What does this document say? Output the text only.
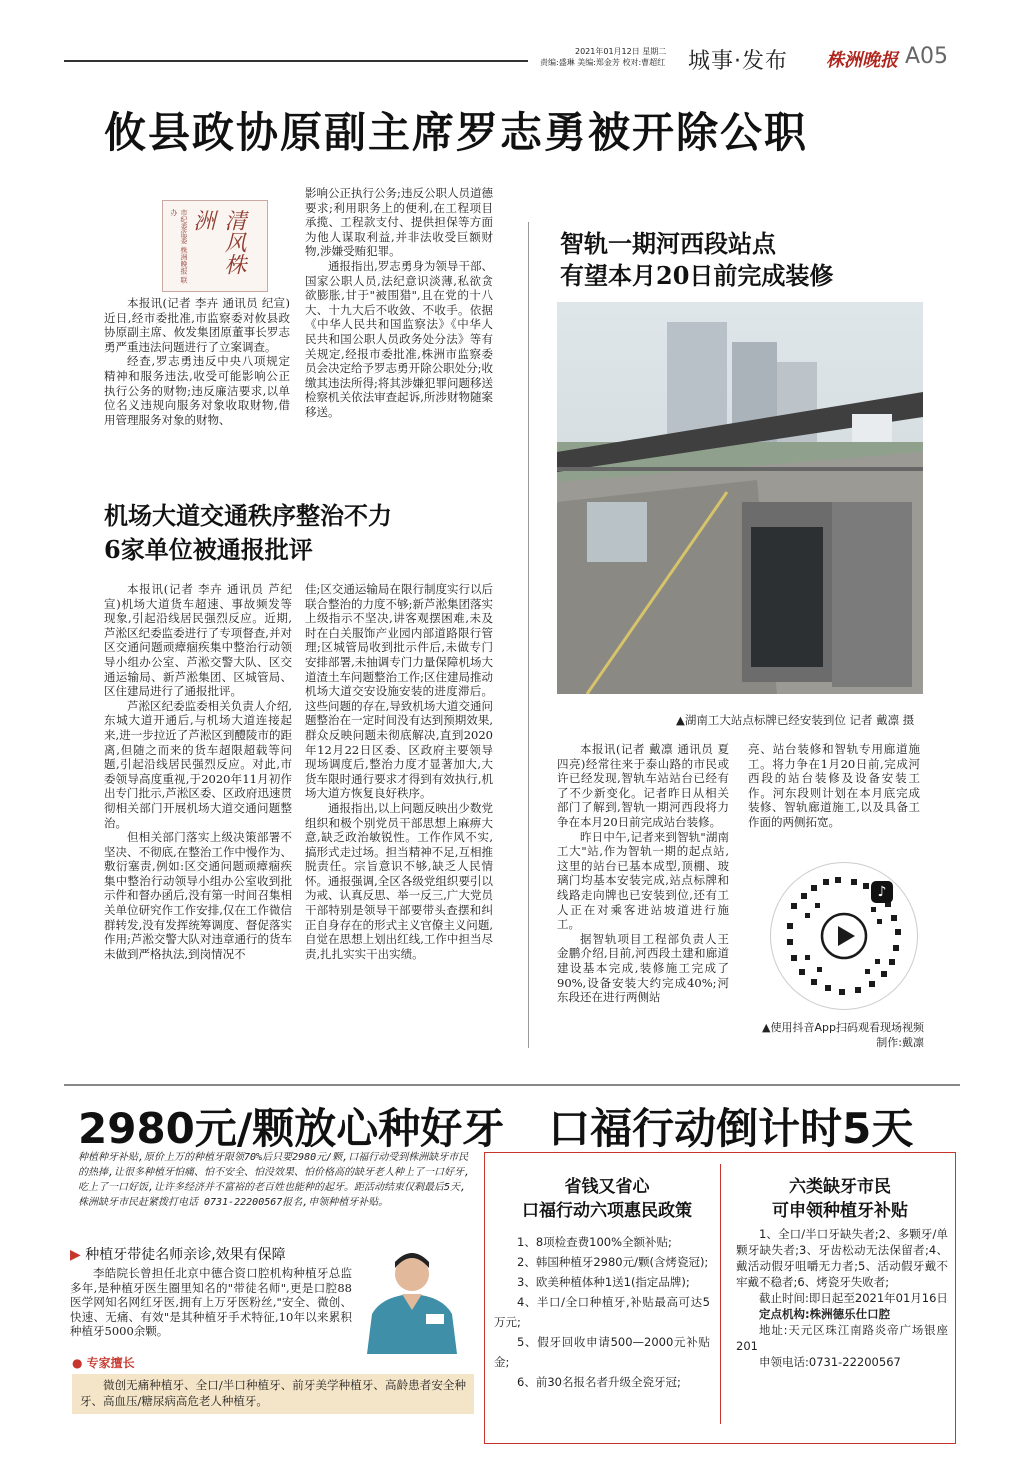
2021年01月12日 星期二
责编:盛琳 美编:郑金芳 校对:曹超红	城事·发布 株洲晚报 A05
攸县政协原副主席罗志勇被开除公职
清风株洲
市纪委监委 株洲晚报 联办
本报讯(记者 李卉 通讯员 纪宣)近日,经市委批准,市监察委对攸县政协原副主席、攸发集团原董事长罗志勇严重违法问题进行了立案调查。
经查,罗志勇违反中央八项规定精神和服务违法,收受可能影响公正执行公务的财物;违反廉洁要求,以单位名义违规向服务对象收取财物,借用管理服务对象的财物、
影响公正执行公务;违反公职人员道德要求;利用职务上的便利,在工程项目承揽、工程款支付、提供担保等方面为他人谋取利益,并非法收受巨额财物,涉嫌受贿犯罪。
通报指出,罗志勇身为领导干部、国家公职人员,法纪意识淡薄,私欲贪欲膨胀,甘于"被围猎",且在党的十八大、十九大后不收敛、不收手。依据《中华人民共和国监察法》《中华人民共和国公职人员政务处分法》等有关规定,经报市委批准,株洲市监察委员会决定给予罗志勇开除公职处分;收缴其违法所得;将其涉嫌犯罪问题移送检察机关依法审查起诉,所涉财物随案移送。
机场大道交通秩序整治不力
6家单位被通报批评
本报讯(记者 李卉 通讯员 芦纪宣)机场大道货车超速、事故频发等现象,引起沿线居民强烈反应。近期,芦淞区纪委监委进行了专项督查,并对区交通问题顽瘴痼疾集中整治行动领导小组办公室、芦淞交警大队、区交通运输局、新芦淞集团、区城管局、区住建局进行了通报批评。
芦淞区纪委监委相关负责人介绍,东城大道开通后,与机场大道连接起来,进一步拉近了芦淞区到醴陵市的距离,但随之而来的货车超限超载等问题,引起沿线居民强烈反应。对此,市委领导高度重视,于2020年11月初作出专门批示,芦淞区委、区政府迅速贯彻相关部门开展机场大道交通问题整治。
但相关部门落实上级决策部署不坚决、不彻底,在整治工作中慢作为、敷衍塞责,例如:区交通问题顽瘴痼疾集中整治行动领导小组办公室收到批示件和督办函后,没有第一时间召集相关单位研究作工作安排,仅在工作微信群转发,没有发挥统筹调度、督促落实作用;芦淞交警大队对违章通行的货车未做到严格执法,到岗情况不
佳;区交通运输局在限行制度实行以后联合整治的力度不够;新芦淞集团落实上级指示不坚决,讲客观摆困难,未及时在白关服饰产业园内部道路限行管理;区城管局收到批示件后,未做专门安排部署,未抽调专门力量保障机场大道渣土车问题整治工作;区住建局推动机场大道交安设施安装的进度滞后。这些问题的存在,导致机场大道交通问题整治在一定时间没有达到预期效果,群众反映问题未彻底解决,直到2020年12月22日区委、区政府主要领导现场调度后,整治力度才显著加大,大货车限时通行要求才得到有效执行,机场大道方恢复良好秩序。
通报指出,以上问题反映出少数党组织和极个别党员干部思想上麻痹大意,缺乏政治敏锐性。工作作风不实,搞形式走过场。担当精神不足,互相推脱责任。宗旨意识不够,缺乏人民情怀。通报强调,全区各级党组织要引以为戒、认真反思、举一反三,广大党员干部特别是领导干部要带头查摆和纠正自身存在的形式主义官僚主义问题,自觉在思想上划出红线,工作中担当尽责,扎扎实实干出实绩。
智轨一期河西段站点
有望本月20日前完成装修
▲湖南工大站点标牌已经安装到位 记者 戴凛 摄
本报讯(记者 戴凛 通讯员 夏四亮)经常往来于泰山路的市民或许已经发现,智轨车站站台已经有了不少新变化。记者昨日从相关部门了解到,智轨一期河西段将力争在本月20日前完成站台装修。
昨日中午,记者来到智轨"湖南工大"站,作为智轨一期的起点站,这里的站台已基本成型,顶棚、玻璃门均基本安装完成,站点标牌和线路走向牌也已安装到位,还有工人正在对乘客进站坡道进行施工。
据智轨项目工程部负责人王金鹏介绍,目前,河西段土建和廊道建设基本完成,装修施工完成了90%,设备安装大约完成40%;河东段还在进行两侧站
亮、站台装修和智轨专用廊道施工。将力争在1月20日前,完成河西段的站台装修及设备安装工作。河东段则计划在本月底完成装修、智轨廊道施工,以及具备工作面的两侧拓宽。
♪
▲使用抖音App扫码观看现场视频 制作:戴凛
2980元/颗放心种好牙   口福行动倒计时5天
种植种牙补贴,原价上万的种植牙限领70%后只要2980元/颗,口福行动受到株洲缺牙市民的热捧,让很多种植牙怕痛、怕不安全、怕没效果、怕价格高的缺牙老人种上了一口好牙,吃上了一口好饭,让许多经济并不富裕的老百姓也能种的起牙。距活动结束仅剩最后5天,株洲缺牙市民赶紧拨打电话 0731-22200567报名,申领种植牙补贴。
▶ 种植牙带徒名师亲诊,效果有保障
李皓院长曾担任北京中德合资口腔机构种植牙总监多年,是种植牙医生圈里知名的"带徒名师",更是口腔88医学网知名网红牙医,拥有上万牙医粉丝,"安全、微创、快速、无痛、有效"是其种植牙手术特征,10年以来累积种植牙5000余颗。
● 专家擅长
微创无痛种植牙、全口/半口种植牙、前牙美学种植牙、高龄患者安全种牙、高血压/糖尿病高危老人种植牙。
省钱又省心
口福行动六项惠民政策
1、8项检查费100%全额补贴;
2、韩国种植牙2980元/颗(含烤瓷冠);
3、欧美种植体种1送1(指定品牌);
4、半口/全口种植牙,补贴最高可达5万元;
5、假牙回收申请500—2000元补贴金;
6、前30名报名者升级全瓷牙冠;
六类缺牙市民
可申领种植牙补贴
1、全口/半口牙缺失者;2、多颗牙/单颗牙缺失者;3、牙齿松动无法保留者;4、戴活动假牙咀嚼无力者;5、活动假牙戴不牢戴不稳者;6、烤瓷牙失败者;
截止时间:即日起至2021年01月16日
定点机构:株洲德乐仕口腔
地址:天元区珠江南路炎帝广场银座201
申领电话:0731-22200567
